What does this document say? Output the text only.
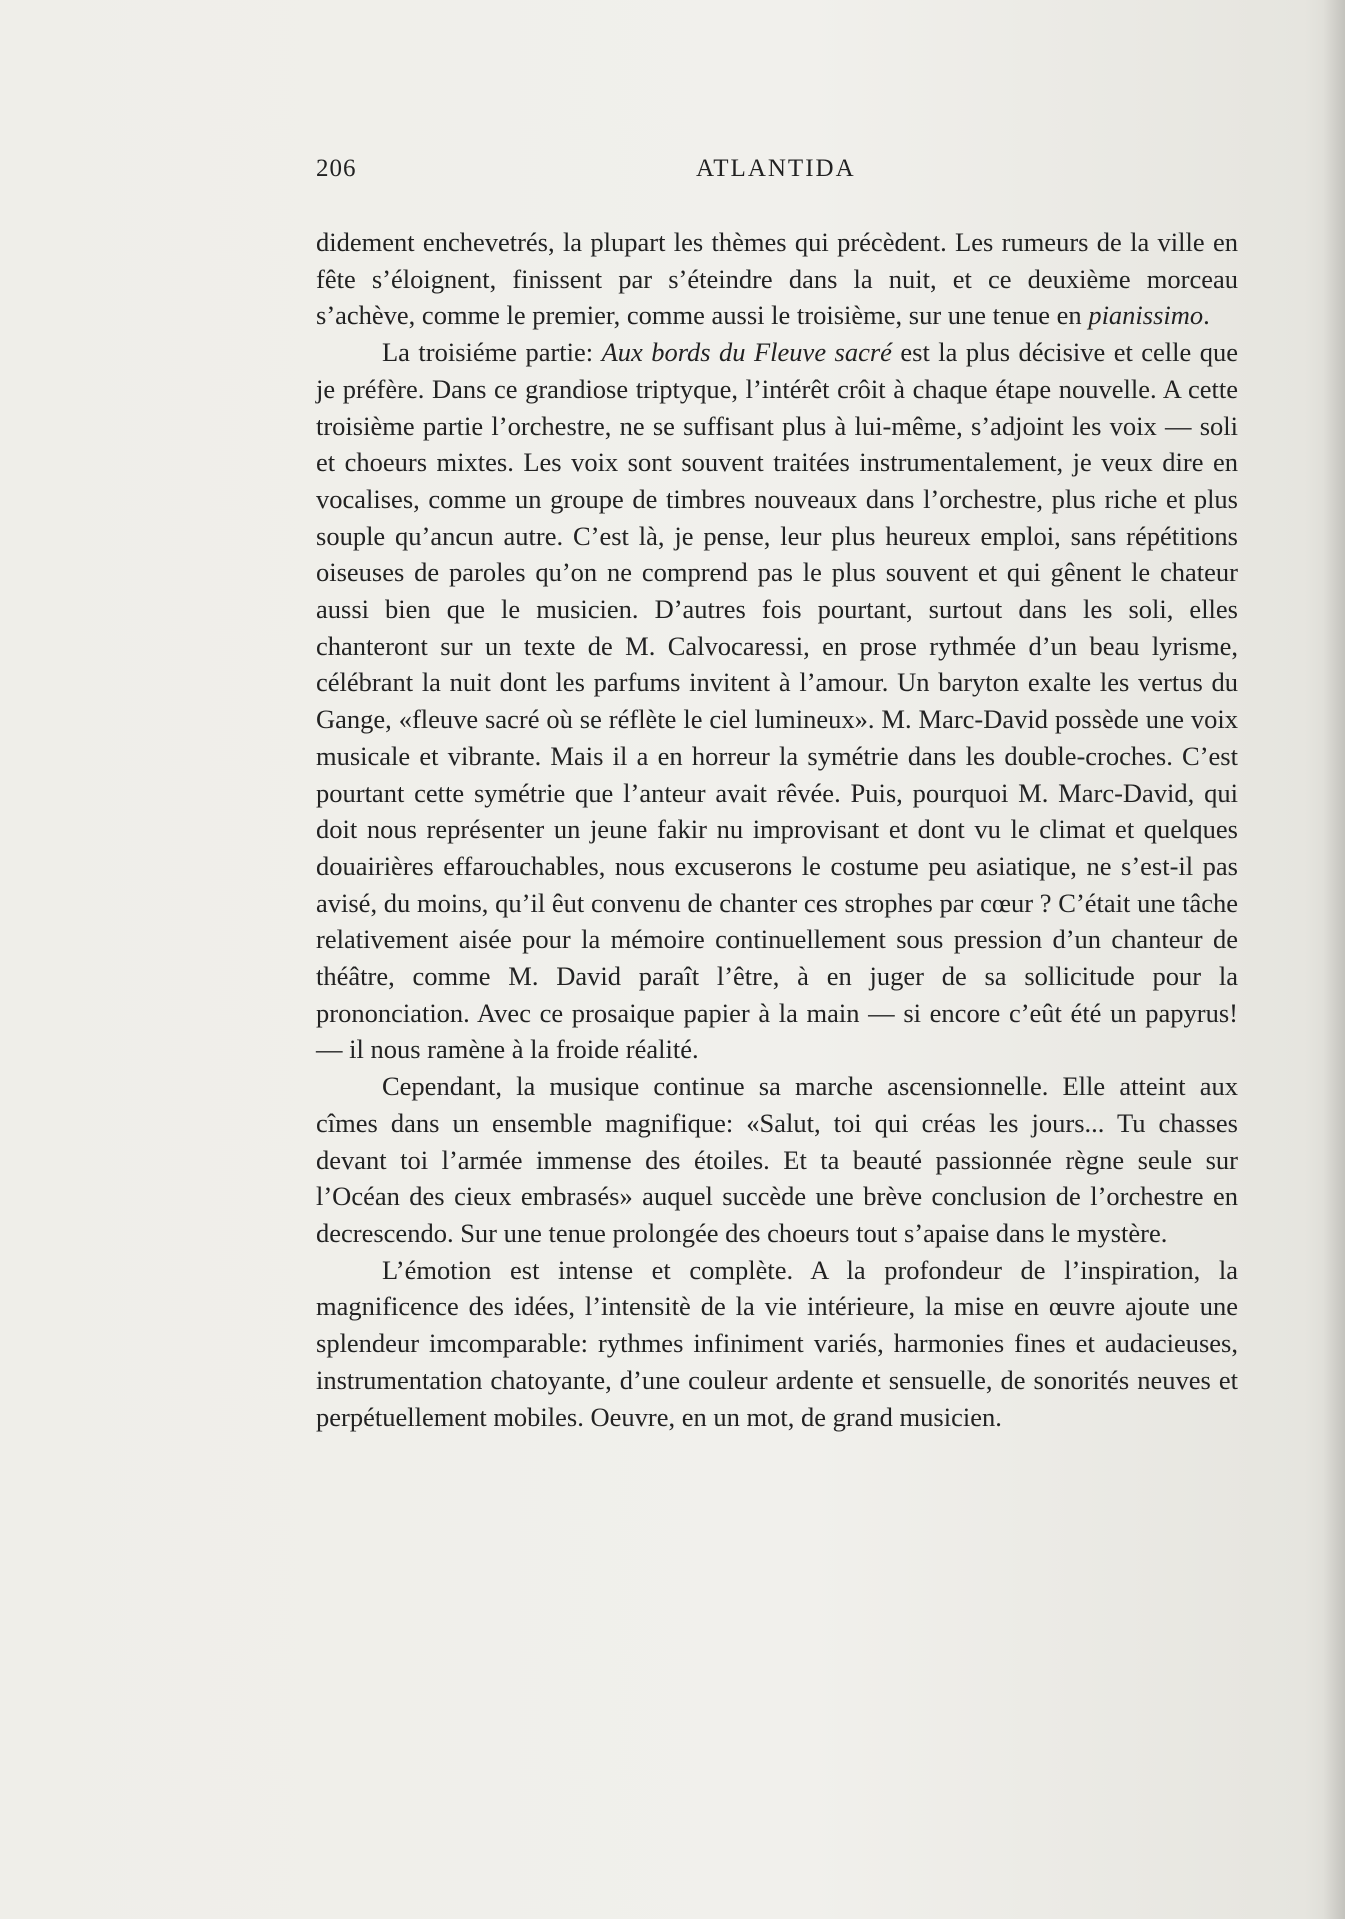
206	ATLANTIDA

didement enchevetrés, la plupart les thèmes qui précèdent. Les rumeurs de la ville en fête s’éloignent, finissent par s’éteindre dans la nuit, et ce deuxième morceau s’achève, comme le premier, comme aussi le troisième, sur une tenue en pianissimo.

La troisiéme partie: Aux bords du Fleuve sacré est la plus décisive et celle que je préfère. Dans ce grandiose triptyque, l’intérêt crôit à chaque étape nouvelle. A cette troisième partie l’orchestre, ne se suffisant plus à lui-même, s’adjoint les voix — soli et choeurs mixtes. Les voix sont souvent traitées instrumentalement, je veux dire en vocalises, comme un groupe de timbres nouveaux dans l’orchestre, plus riche et plus souple qu’ancun autre. C’est là, je pense, leur plus heureux emploi, sans répétitions oiseuses de paroles qu’on ne comprend pas le plus souvent et qui gênent le chateur aussi bien que le musicien. D’autres fois pourtant, surtout dans les soli, elles chanteront sur un texte de M. Calvocaressi, en prose rythmée d’un beau lyrisme, célébrant la nuit dont les parfums invitent à l’amour. Un baryton exalte les vertus du Gange, «fleuve sacré où se réflète le ciel lumineux». M. Marc-David possède une voix musicale et vibrante. Mais il a en horreur la symétrie dans les double-croches. C’est pourtant cette symétrie que l’anteur avait rêvée. Puis, pourquoi M. Marc-David, qui doit nous représenter un jeune fakir nu improvisant et dont vu le climat et quelques douairières effarouchables, nous excuserons le costume peu asiatique, ne s’est-il pas avisé, du moins, qu’il êut convenu de chanter ces strophes par cœur ? C’était une tâche relativement aisée pour la mémoire continuellement sous pression d’un chanteur de théâtre, comme M. David paraît l’être, à en juger de sa sollicitude pour la prononciation. Avec ce prosaique papier à la main — si encore c’eût été un papyrus! — il nous ramène à la froide réalité.

Cependant, la musique continue sa marche ascensionnelle. Elle atteint aux cîmes dans un ensemble magnifique: «Salut, toi qui créas les jours... Tu chasses devant toi l’armée immense des étoiles. Et ta beauté passionnée règne seule sur l’Océan des cieux embrasés» auquel succède une brève conclusion de l’orchestre en decrescendo. Sur une tenue prolongée des choeurs tout s’apaise dans le mystère.

L’émotion est intense et complète. A la profondeur de l’inspiration, la magnificence des idées, l’intensitè de la vie intérieure, la mise en œuvre ajoute une splendeur imcomparable: rythmes infiniment variés, harmonies fines et audacieuses, instrumentation chatoyante, d’une couleur ardente et sensuelle, de sonorités neuves et perpétuellement mobiles. Oeuvre, en un mot, de grand musicien.
